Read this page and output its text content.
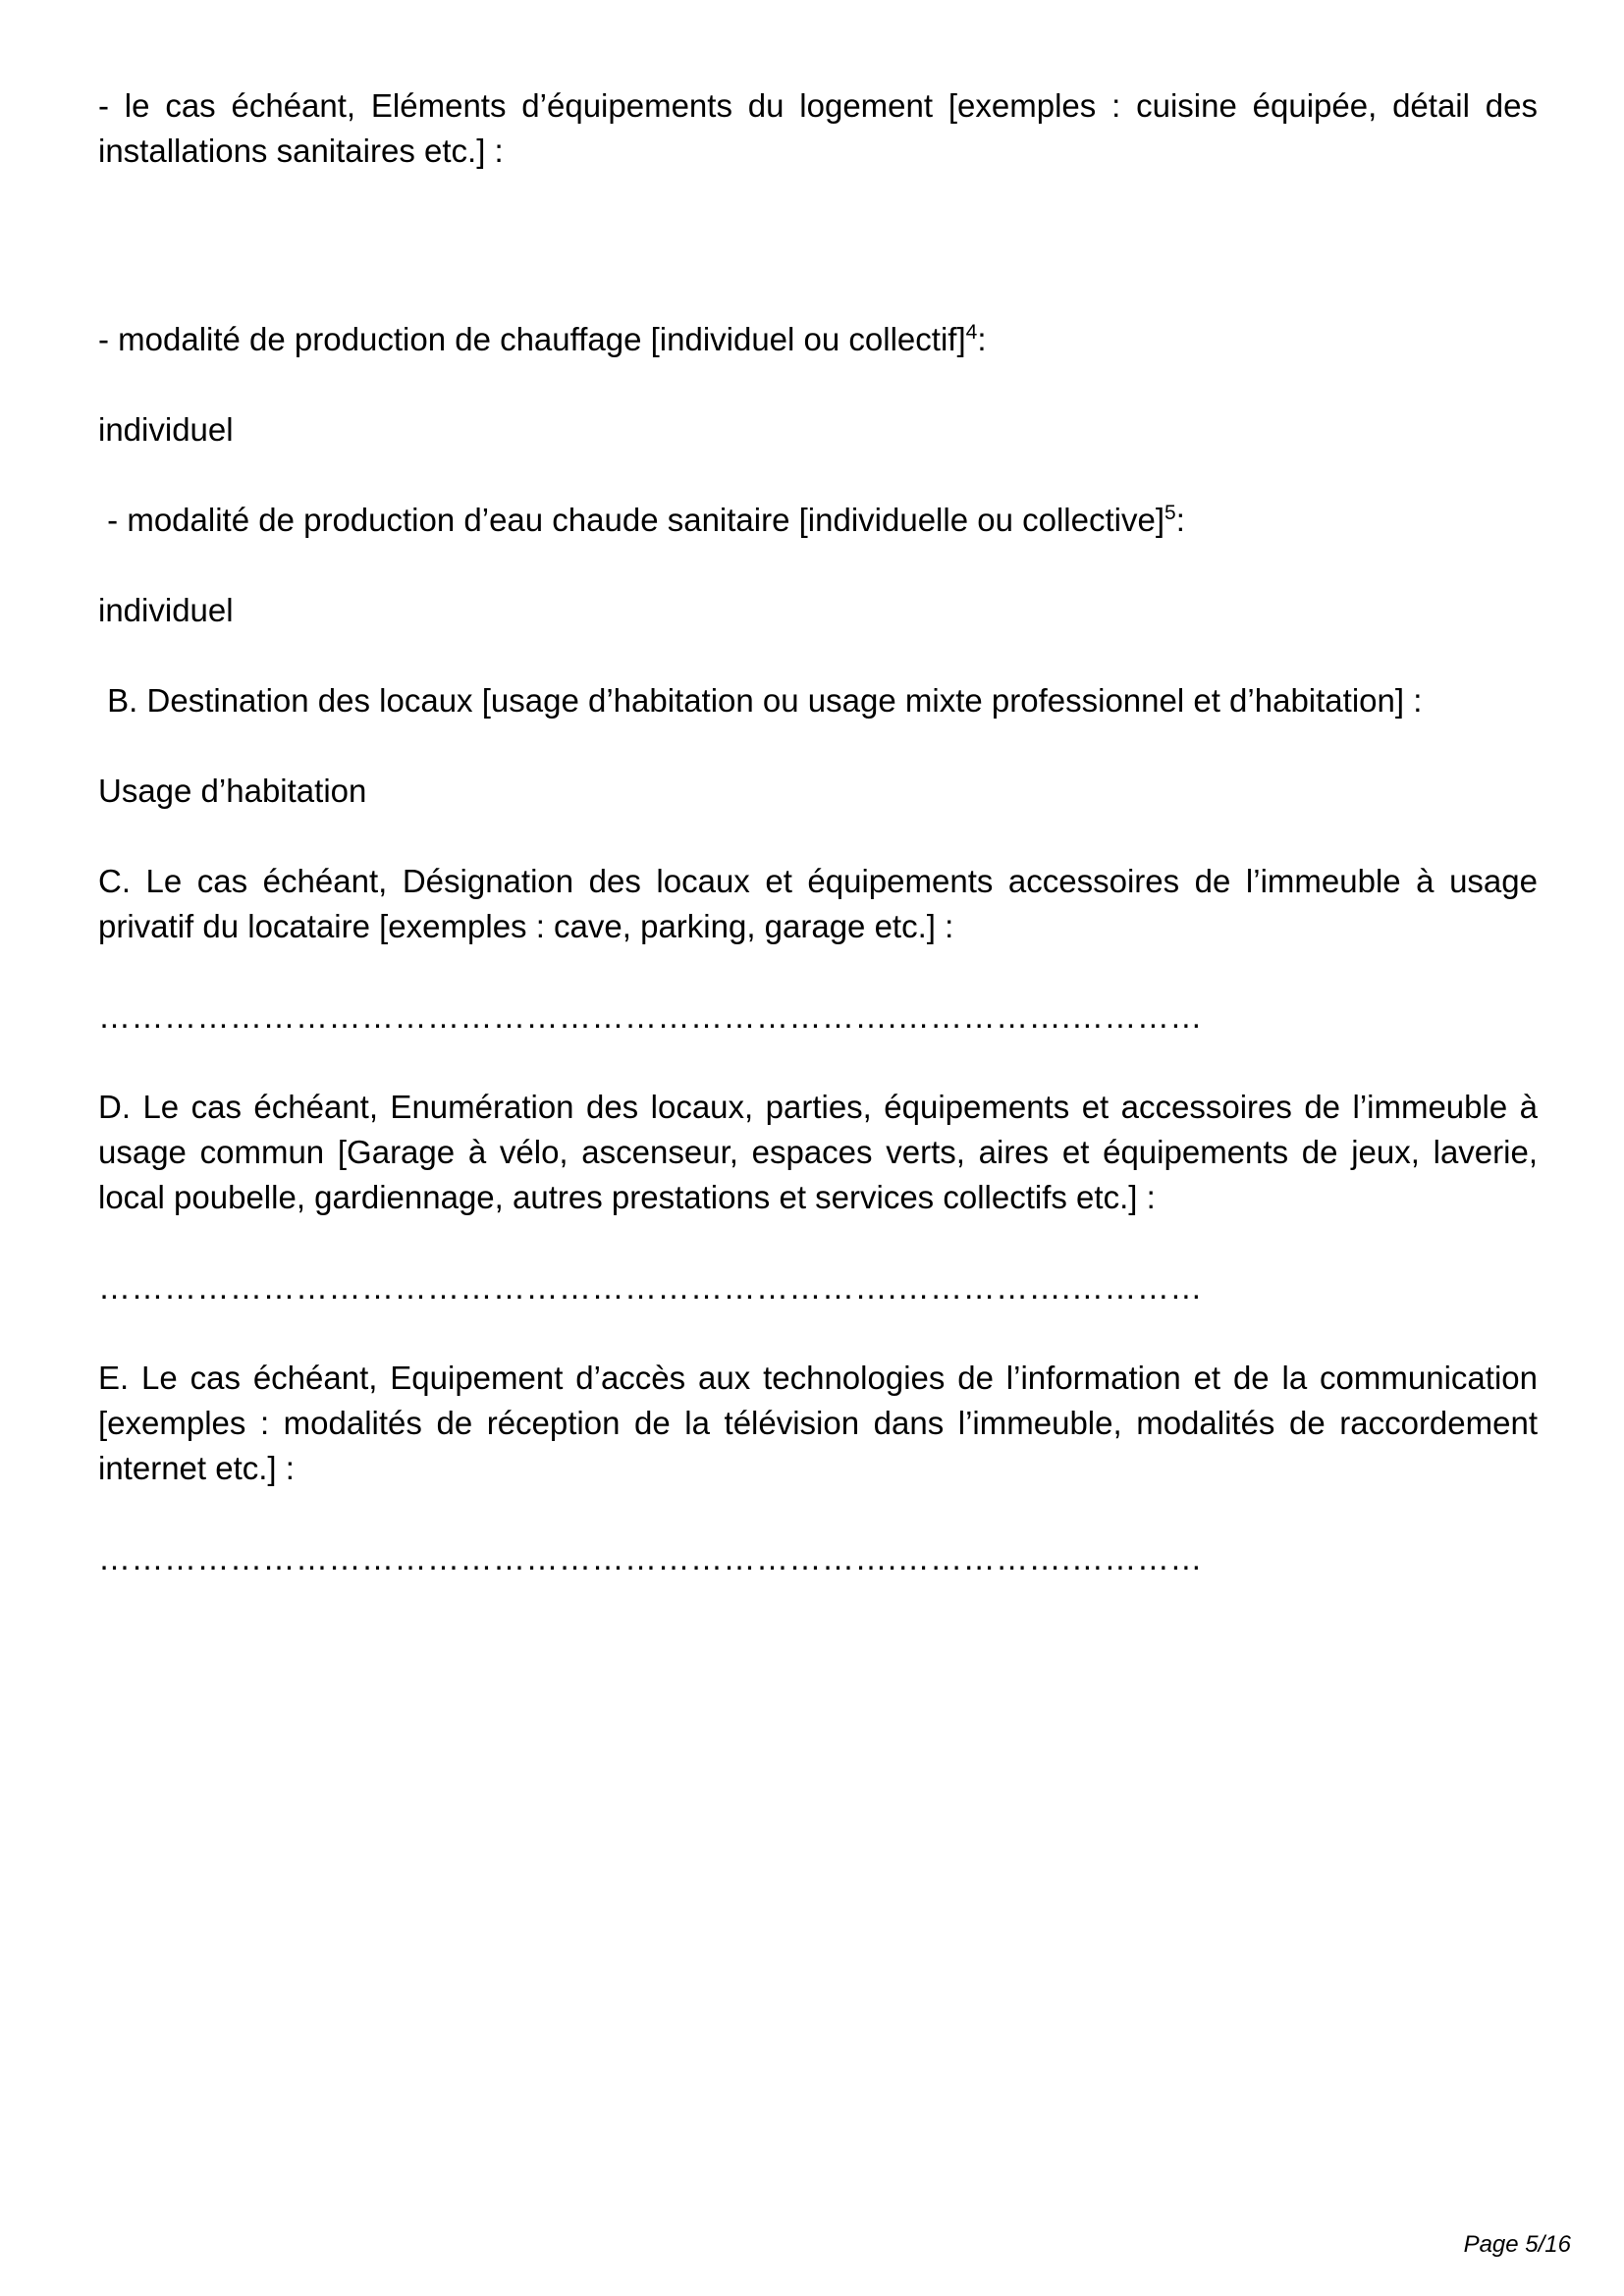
- le cas échéant, Eléments d’équipements du logement [exemples : cuisine équipée, détail des installations sanitaires etc.] :

- modalité de production de chauffage [individuel ou collectif]$^4$:

individuel

- modalité de production d’eau chaude sanitaire [individuelle ou collective]$^5$:

individuel

B. Destination des locaux [usage d’habitation ou usage mixte professionnel et d’habitation] :

Usage d’habitation

C. Le cas échéant, Désignation des locaux et équipements accessoires de l’immeuble à usage privatif du locataire [exemples : cave, parking, garage etc.] :

……………………………………………………………….…………….…………

D. Le cas échéant, Enumération des locaux, parties, équipements et accessoires de l’immeuble à usage commun [Garage à vélo, ascenseur, espaces verts, aires et équipements de jeux, laverie, local poubelle, gardiennage, autres prestations et services collectifs etc.] :

……………………………………………………………….…………….…………

E. Le cas échéant, Equipement d’accès aux technologies de l’information et de la communication [exemples : modalités de réception de la télévision dans l’immeuble, modalités de raccordement internet etc.] :

……………………………………………………………….…………….…………

Page 5/16
